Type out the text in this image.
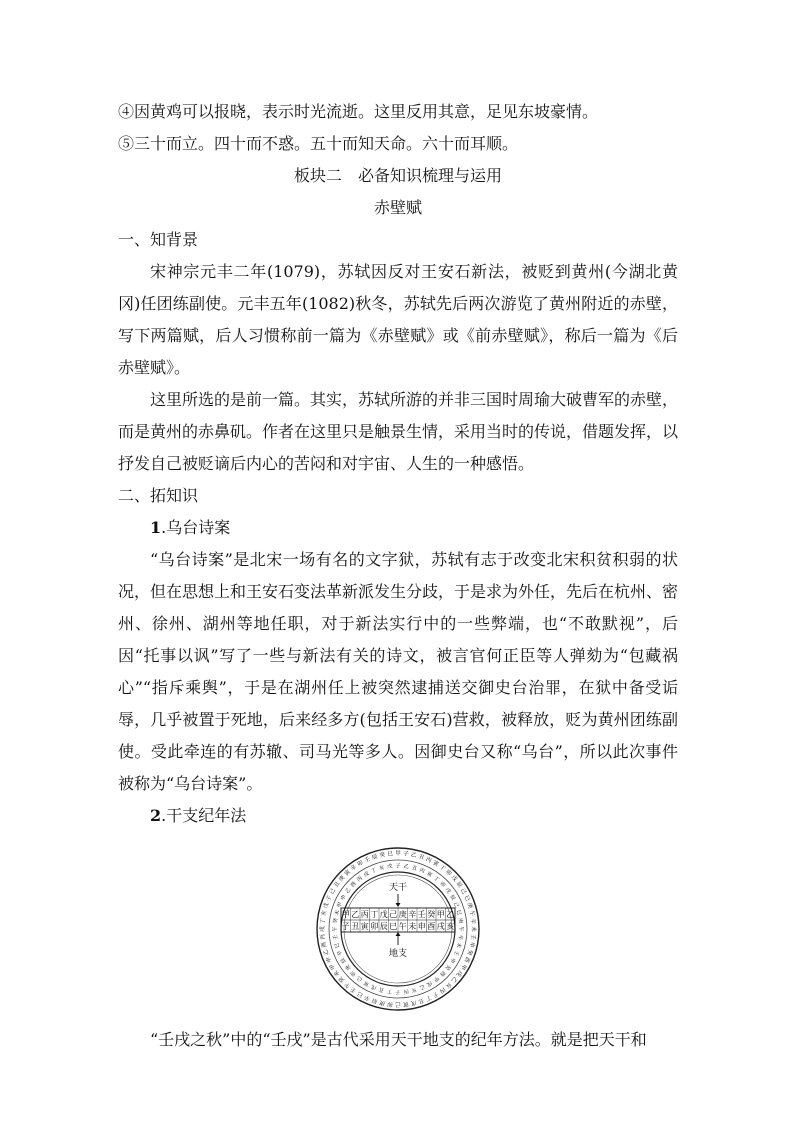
④因黄鸡可以报晓，表示时光流逝。这里反用其意，足见东坡豪情。

⑤三十而立。四十而不惑。五十而知天命。六十而耳顺。

板块二　必备知识梳理与运用

赤壁赋

一、知背景

宋神宗元丰二年(1079)，苏轼因反对王安石新法，被贬到黄州(今湖北黄冈)任团练副使。元丰五年(1082)秋冬，苏轼先后两次游览了黄州附近的赤壁，写下两篇赋，后人习惯称前一篇为《赤壁赋》或《前赤壁赋》，称后一篇为《后赤壁赋》。

这里所选的是前一篇。其实，苏轼所游的并非三国时周瑜大破曹军的赤壁，而是黄州的赤鼻矶。作者在这里只是触景生情，采用当时的传说，借题发挥，以抒发自己被贬谪后内心的苦闷和对宇宙、人生的一种感悟。

二、拓知识

1.乌台诗案

“乌台诗案”是北宋一场有名的文字狱，苏轼有志于改变北宋积贫积弱的状况，但在思想上和王安石变法革新派发生分歧，于是求为外任，先后在杭州、密州、徐州、湖州等地任职，对于新法实行中的一些弊端，也“不敢默视”，后因“托事以讽”写了一些与新法有关的诗文，被言官何正臣等人弹劾为“包藏祸心”“指斥乘舆”，于是在湖州任上被突然逮捕送交御史台治罪，在狱中备受诟辱，几乎被置于死地，后来经多方(包括王安石)营救，被释放，贬为黄州团练副使。受此牵连的有苏辙、司马光等多人。因御史台又称“乌台”，所以此次事件被称为“乌台诗案”。

2.干支纪年法

甲 子 乙 丑 丙 寅
丁
卯
戊
辰
己
巳
庚
午
辛
未
壬
申
癸
酉
甲
戌
乙
亥
丙
子
丁
丑
戊
寅
己
卯
庚
辰
辛
巳
壬
午
癸
未
甲
申
乙
酉
丙
戌
丁
亥
戊
子
己
丑
庚
寅
辛
卯 壬 辰 癸 巳
子 乙 丑 丙 寅
丁
卯
戊
辰
己
巳
庚
午
辛
未
壬
申
癸
酉
甲
戌
乙
亥
丙
子
丁
丑
戊
寅
己
卯
庚
辰
辛
巳
壬
午
癸
未
甲
申
乙
酉
丙
戌 丁 亥 戊
天干
甲
子
乙
丑
丙
寅
丁
卯
戊
辰
己
巳
庚
午
辛
未
壬
申
癸
酉
甲
戌
乙
亥
地支

“壬戌之秋”中的“壬戌”是古代采用天干地支的纪年方法。就是把天干和
